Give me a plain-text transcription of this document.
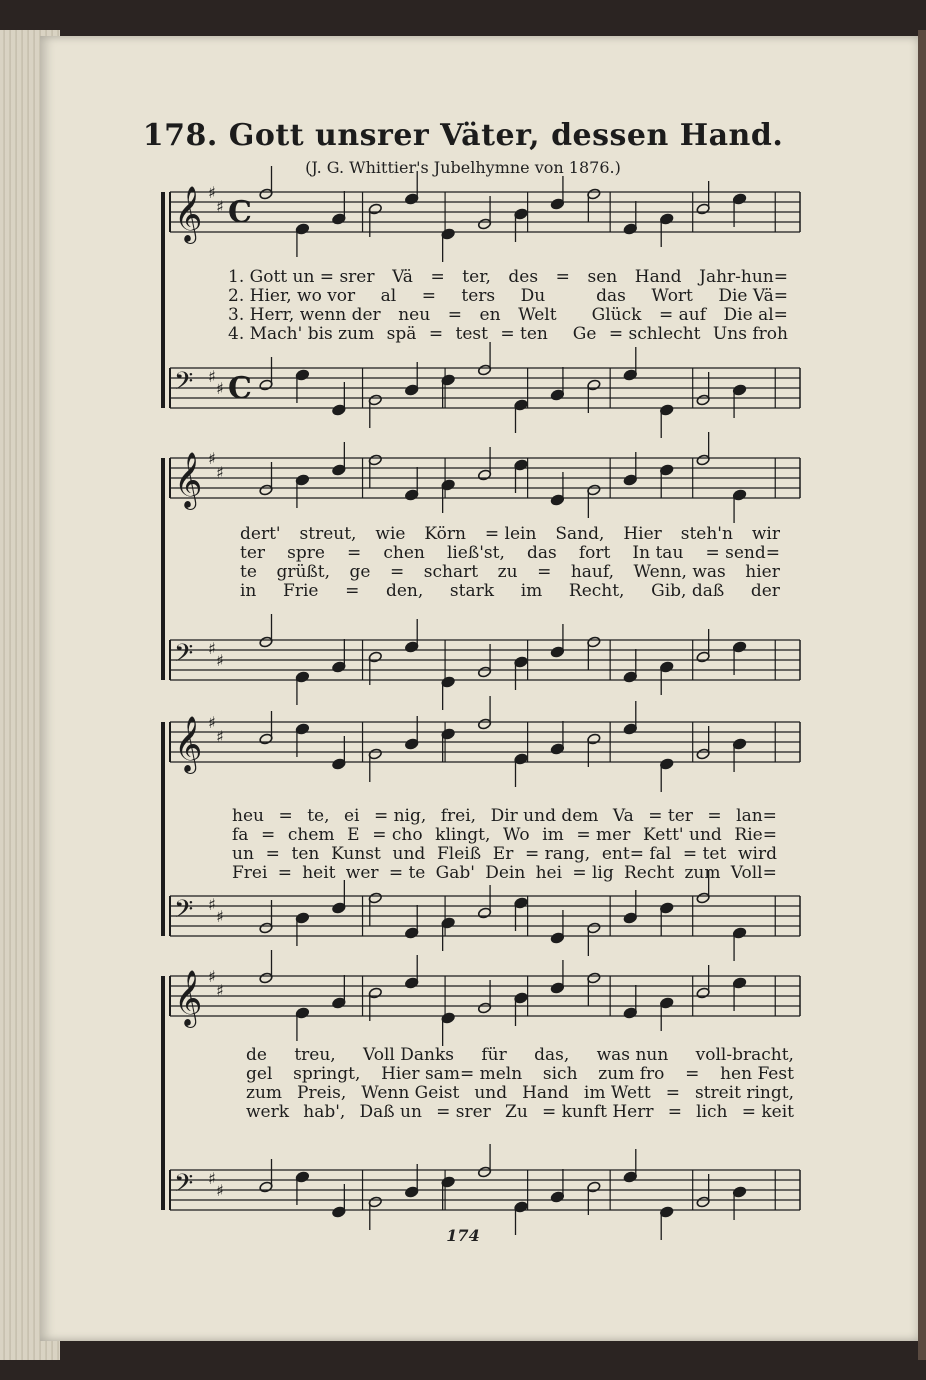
178. Gott unsrer Väter, dessen Hand.
(J. G. Whittier's Jubelhymne von 1876.)
𝄞 ♯
♯ C
𝄢 ♯
♯ C
𝄞 ♯
♯
𝄢 ♯
♯
𝄞 ♯
♯
𝄢 ♯
♯
𝄞 ♯
♯
𝄢 ♯
♯
1. Gott un = srer Vä = ter, des = sen Hand Jahr-hun=
2. Hier, wo vor al = ters Du	das Wort Die Vä=
3. Herr, wenn der neu = en Welt Glück = auf Die al=
4. Mach' bis zum spä = test = ten Ge = schlecht Uns froh
dert' streut, wie Körn = lein Sand, Hier steh'n wir
ter spre = chen ließ'st, das fort In tau = send=
te grüßt, ge = schart zu = hauf, Wenn, was hier
in Frie = den, stark im Recht, Gib, daß der
heu = te, ei = nig, frei, Dir und dem Va = ter = lan=
fa = chem E = cho klingt, Wo im = mer Kett' und Rie=
un = ten Kunst und Fleiß Er = rang, ent= fal = tet wird
Frei = heit wer = te Gab' Dein hei = lig Recht zum Voll=
de treu, Voll Danks für das, was nun voll-bracht,
gel springt, Hier sam= meln sich zum fro = hen Fest
zum Preis, Wenn Geist und Hand im Wett = streit ringt,
werk hab', Daß un = srer Zu = kunft Herr = lich = keit
174
